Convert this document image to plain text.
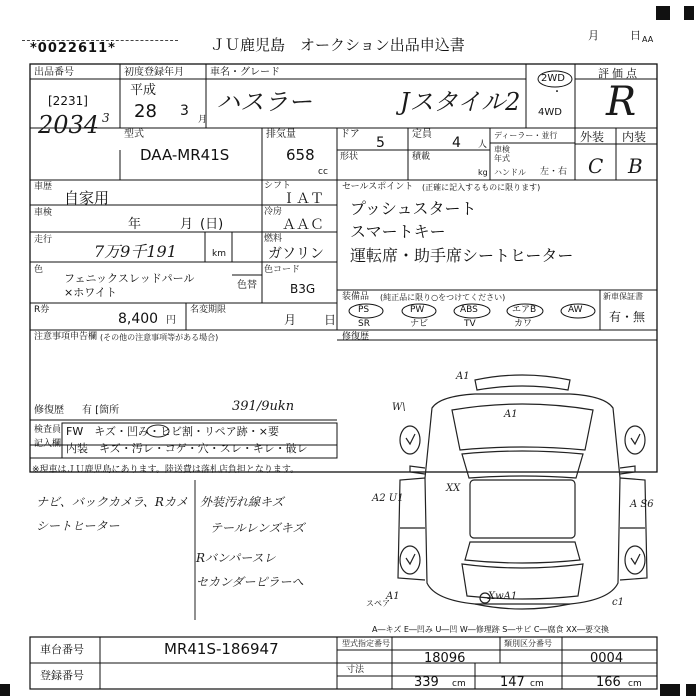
*0022611*	ＪＵ鹿児島　オークション出品申込書
月	日 AA
出品番号
[2231]
2034 3
初度登録年月
平成
28 3
月
車名・グレード
ハスラー	Jスタイル2
2WD
・
4WD
評価点
R
外装 内装
C B
型式
DAA-MR41S
排気量
658
cc
ドア
5
定員
4 人
形状	積載
kg
ディーラー・並行
車検
年式
ハンドル 左・右
車歴
自家用
シフト
ＩＡＴ
車検
年	月 (日)
冷房
ＡＡＣ
走行
7万9千191	km
燃料
ガソリン
色
フェニックスレッドパール
×ホワイト
色替
色コード
B3G
R券
8,400 円
名変期限
月 日
セールスポイント (正確に記入するものに限ります)
プッシュスタート
スマートキー
運転席・助手席シートヒーター
装備品 (純正品に限り○をつけてください)
PS
SR
PW
ナビ
ABS
TV
エアB
カワ
AW
新車保証書
有・無
修復歴
注意事項申告欄 (その他の注意事項等がある場合)
修復歴 有 [箇所	391/9ukn
検査員
記入欄
FW　キズ・凹み・ヒビ割・リペア跡・×要
内装　キズ・汚レ・コゲ・穴・スレ・キレ・破レ
※現車はＪＵ鹿児島にあります。陸送費は落札店負担となります。
ナビ、バックカメラ、Rカメ
シートヒーター
外装汚れ線キズ
テールレンズキズ
Rバンパースレ
セカンダーピラーへ
A1
W\
A1
XX
A2 U1
A S6
A1	XwA1
c1
スペア
A―キズ E―凹み U―凹 W―修理跡 S―サビ C―腐食 XX―要交換
車台番号	MR41S-186947
登録番号
型式指定番号
18096
類別区分番号
0004
寸法
339 cm	147 cm	166 cm
